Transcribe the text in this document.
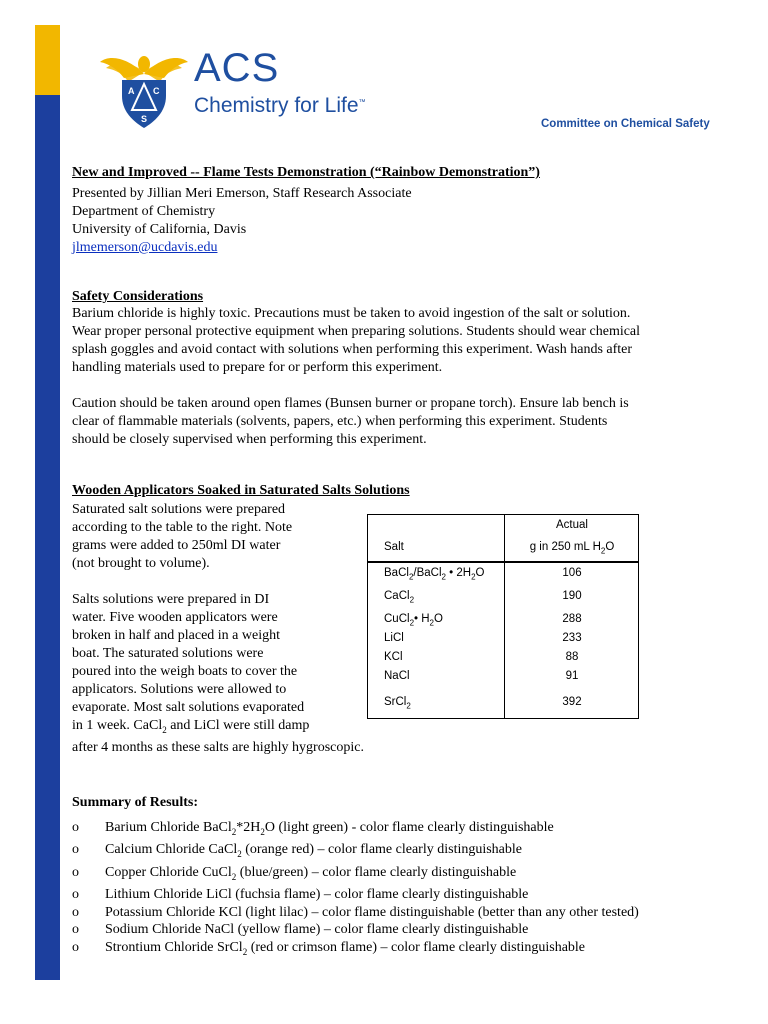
A C
S
ACS
Chemistry for Life™
Committee on Chemical Safety
New and Improved -- Flame Tests Demonstration (“Rainbow Demonstration”)
Presented by Jillian Meri Emerson, Staff Research Associate
Department of Chemistry
University of California, Davis
jlmemerson@ucdavis.edu
Safety Considerations
Barium chloride is highly toxic. Precautions must be taken to avoid ingestion of the salt or solution.
Wear proper personal protective equipment when preparing solutions. Students should wear chemical
splash goggles and avoid contact with solutions when performing this experiment. Wash hands after
handling materials used to prepare for or perform this experiment.
Caution should be taken around open flames (Bunsen burner or propane torch). Ensure lab bench is
clear of flammable materials (solvents, papers, etc.) when performing this experiment. Students
should be closely supervised when performing this experiment.
Wooden Applicators Soaked in Saturated Salts Solutions
Saturated salt solutions were prepared
according to the table to the right. Note
grams were added to 250ml DI water
(not brought to volume).
Salts solutions were prepared in DI
water. Five wooden applicators were
broken in half and placed in a weight
boat. The saturated solutions were
poured into the weigh boats to cover the
applicators. Solutions were allowed to
evaporate. Most salt solutions evaporated
in 1 week. CaCl$_2$ and LiCl were still damp
after 4 months as these salts are highly hygroscopic.
Actual
Salt	g in 250 mL $H_2O$
BaCl$_2$/BaCl$_2$ • $2H_2O$	106
CaCl$_2$	190
CuCl$_2$• $H_2O$	288
LiCl	233
KCl	88
NaCl	91
SrCl$_2$	392
Summary of Results:
o	Barium Chloride $BaCl_2*2H_2O$ (light green) - color flame clearly distinguishable
o	Calcium Chloride CaCl$_2$ (orange red) – color flame clearly distinguishable
o	Copper Chloride CuCl$_2$ (blue/green) – color flame clearly distinguishable
o	Lithium Chloride LiCl (fuchsia flame) – color flame clearly distinguishable
o	Potassium Chloride KCl (light lilac) – color flame distinguishable (better than any other tested)
o	Sodium Chloride NaCl (yellow flame) – color flame clearly distinguishable
o	Strontium Chloride SrCl$_2$ (red or crimson flame) – color flame clearly distinguishable
